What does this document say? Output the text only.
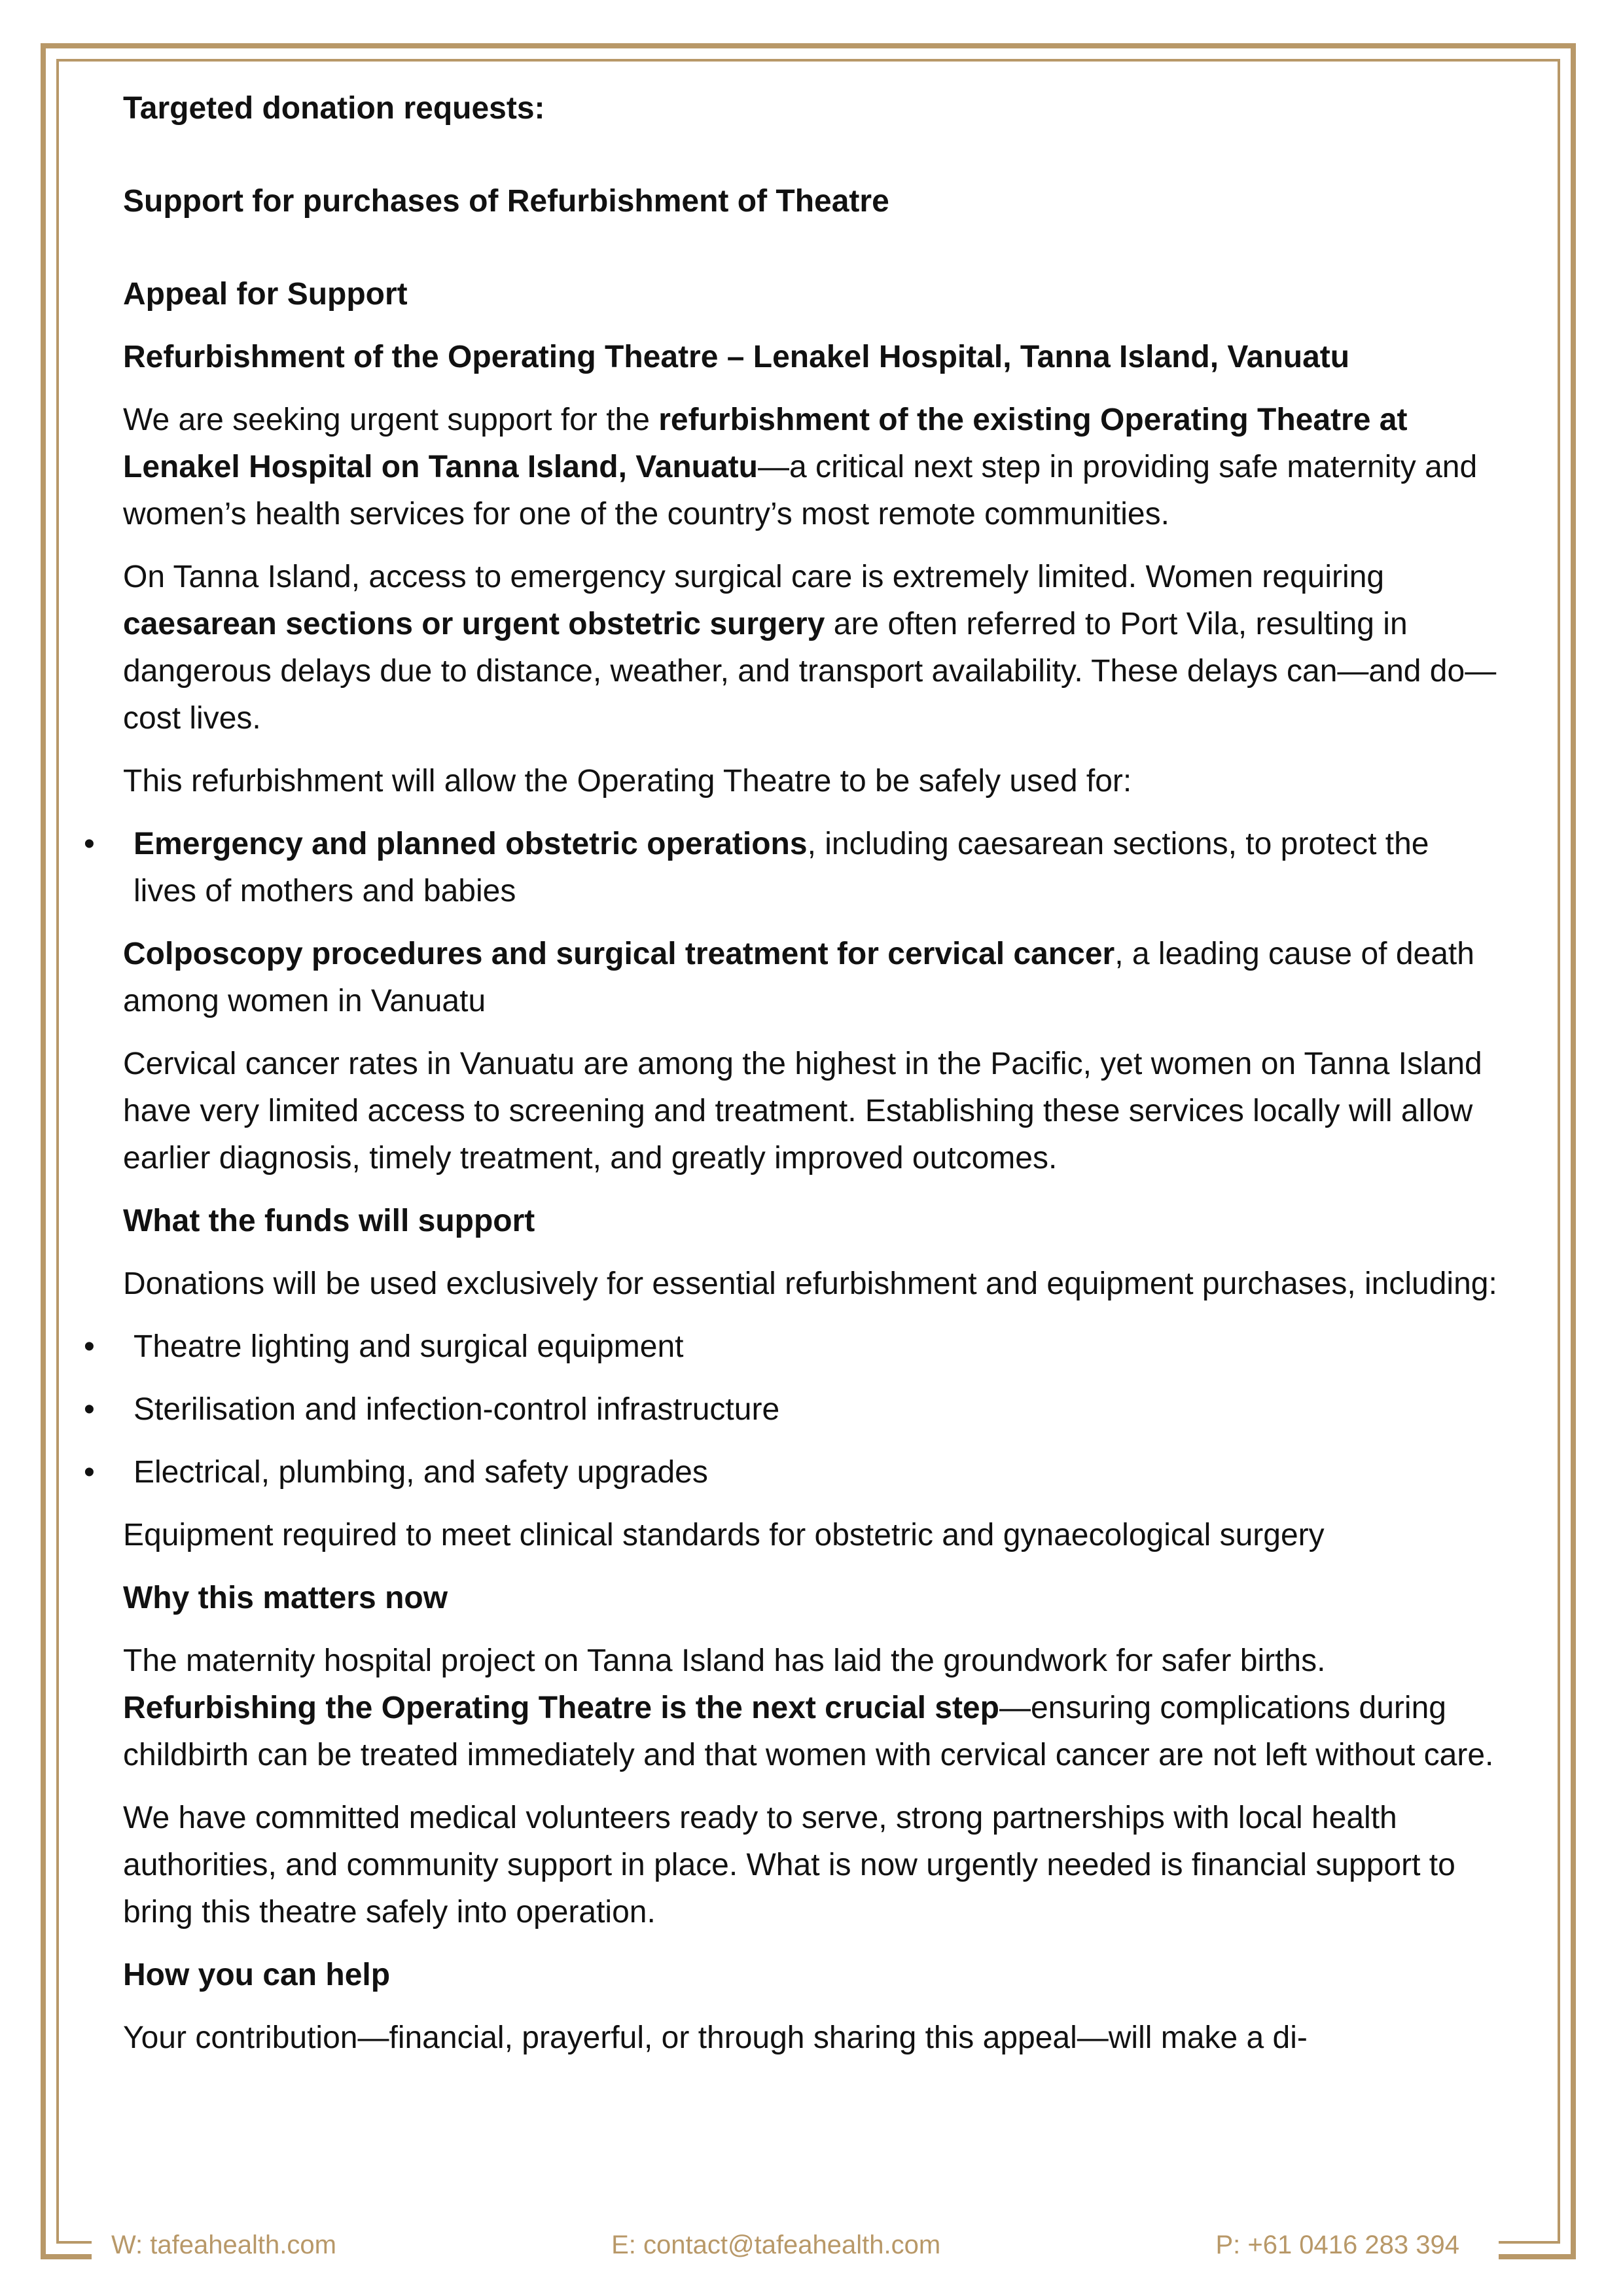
Targeted donation requests:
Support for purchases of Refurbishment of Theatre
Appeal for Support
Refurbishment of the Operating Theatre – Lenakel Hospital, Tanna Island, Vanuatu

We are seeking urgent support for the refurbishment of the existing Operating Theatre at Lenakel Hospital on Tanna Island, Vanuatu—a critical next step in providing safe maternity and women’s health services for one of the country’s most remote communities.

On Tanna Island, access to emergency surgical care is extremely limited. Women requiring caesarean sections or urgent obstetric surgery are often referred to Port Vila, resulting in dangerous delays due to distance, weather, and transport availability. These delays can—and do—cost lives.

This refurbishment will allow the Operating Theatre to be safely used for:

• Emergency and planned obstetric operations, including caesarean sections, to protect the lives of mothers and babies

Colposcopy procedures and surgical treatment for cervical cancer, a leading cause of death among women in Vanuatu

Cervical cancer rates in Vanuatu are among the highest in the Pacific, yet women on Tanna Island have very limited access to screening and treatment. Establishing these services locally will allow earlier diagnosis, timely treatment, and greatly improved outcomes.

What the funds will support

Donations will be used exclusively for essential refurbishment and equipment purchases, including:

• Theatre lighting and surgical equipment
• Sterilisation and infection-control infrastructure
• Electrical, plumbing, and safety upgrades

Equipment required to meet clinical standards for obstetric and gynaecological surgery

Why this matters now

The maternity hospital project on Tanna Island has laid the groundwork for safer births. Refurbishing the Operating Theatre is the next crucial step—ensuring complications during childbirth can be treated immediately and that women with cervical cancer are not left without care.

We have committed medical volunteers ready to serve, strong partnerships with local health authorities, and community support in place. What is now urgently needed is financial support to bring this theatre safely into operation.

How you can help

Your contribution—financial, prayerful, or through sharing this appeal—will make a di-

W: tafeahealth.com	E: contact@tafeahealth.com	P: +61 0416 283 394
